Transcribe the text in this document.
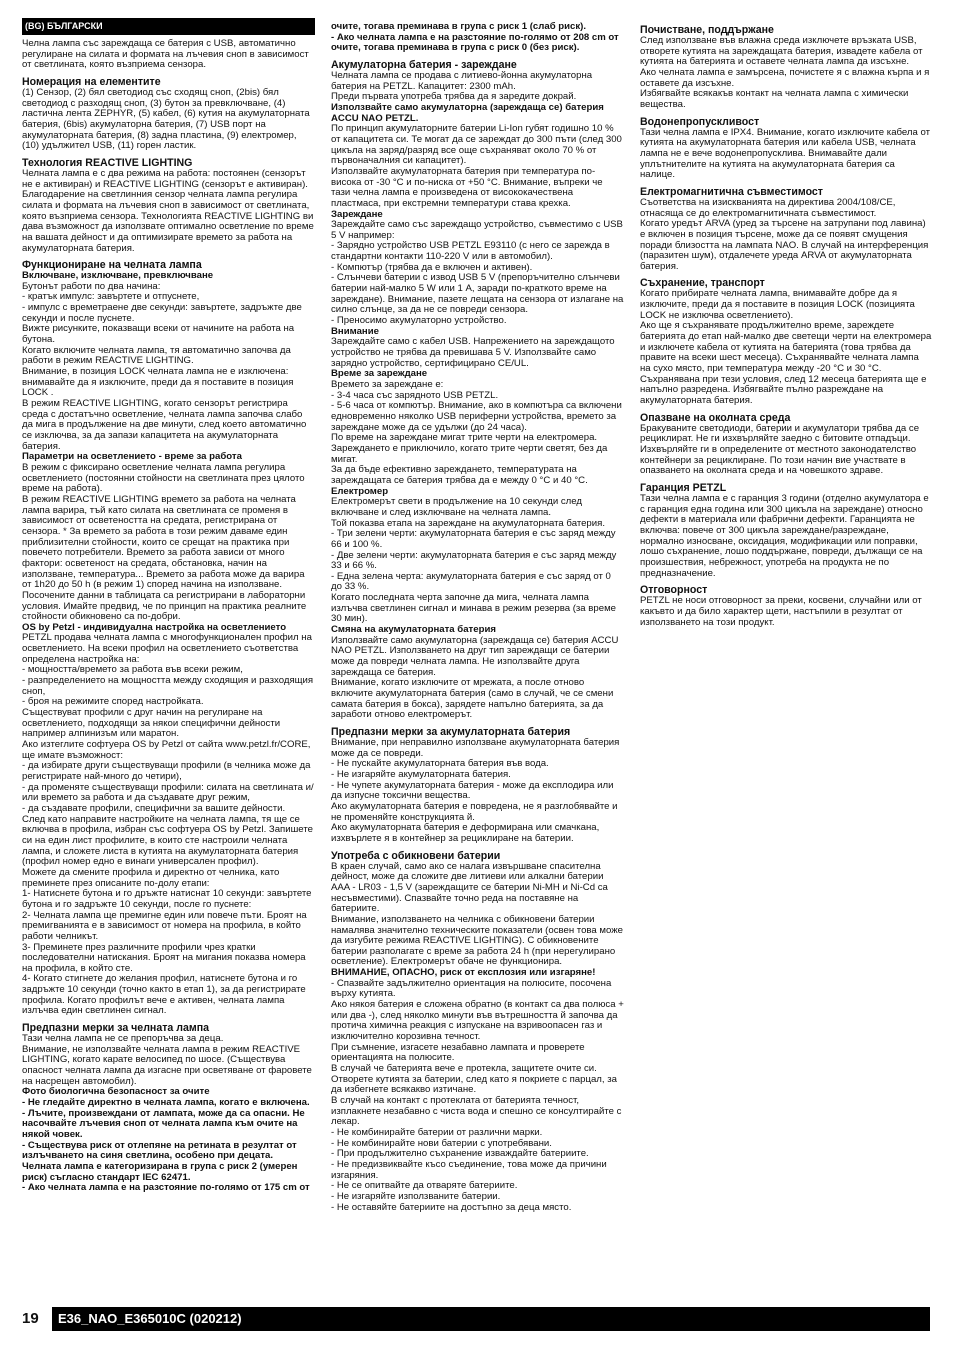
(BG) БЪЛГАРСКИ

Челна лампа със зареждаща се батерия с USB, автоматично регулиране на силата и формата на лъчевия сноп в зависимост от светлината, която възприема сензора.

Номерация на елементите

(1) Сензор, (2) бял светодиод със сходящ сноп, (2bis) бял светодиод с разходящ сноп, (3) бутон за превключване, (4) ластична лента ZEPHYR, (5) кабел, (6) кутия на акумулаторната батерия, (6bis) акумулаторна батерия, (7) USB порт на акумулаторната батерия, (8) задна пластина, (9) електромер, (10) удължител USB, (11) горен ластик.

Технология REACTIVE LIGHTING

Челната лампа е с два режима на работа: постоянен (сензорът не е активиран) и REACTIVE LIGHTING (сензорът е активиран). Благодарение на светлинния сензор челната лампа регулира силата и формата на лъчевия сноп в зависимост от светлината, която възприема сензора. Технологията REACTIVE LIGHTING ви дава възможност да използвате оптимално осветление по време на вашата дейност и да оптимизирате времето за работа на акумулаторната батерия.

Функциониране на челната лампа

Включване, изключване, превключване

Бутонът работи по два начина:

- кратък импулс: завъртете и отпуснете,

- импулс с времетраене две секунди: завъртете, задръжте две секунди и после пуснете.

Вижте рисунките, показващи всеки от начините на работа на бутона.

Когато включите челната лампа, тя автоматично започва да работи в режим REACTIVE LIGHTING.

Внимание, в позиция LOCK челната лампа не е изключена: внимавайте да я изключите, преди да я поставите в позиция LOCK .

В режим REACTIVE LIGHTING, когато сензорът регистрира среда с достатъчно осветление, челната лампа започва слабо да мига в продължение на две минути, след което автоматично се изключва, за да запази капацитета на акумулаторната батерия.

Параметри на осветлението - време за работа

В режим с фиксирано осветление челната лампа регулира осветлението (постоянни стойности на светлината през цялото време на работа).

В режим REACTIVE LIGHTING времето за работа на челната лампа варира, тъй като силата на светлината се променя в зависимост от осветеността на средата, регистрирана от сензора. * За времето за работа в този режим даваме един приблизителни стойности, които се срещат на практика при повечето потребители. Времето за работа зависи от много фактори: осветеност на средата, обстановка, начин на използване, температура... Времето за работа може да варира от 1h20 до 50 h (в режим 1) според начина на използване.

Посочените данни в таблицата са регистрирани в лабораторни условия. Имайте предвид, че по принцип на практика реалните стойности обикновено са по-добри.

OS by Petzl - индивидуална настройка на осветлението

PETZL продава челната лампа с многофункционален профил на осветлението. На всеки профил на осветлението съответства определена настройка на:

- мощността/времето за работа във всеки режим,

- разпределението на мощността между сходящия и разходящия сноп,

- броя на режимите според настройката.

Съществуват профили с друг начин на регулиране на осветлението, подходящи за някои специфични дейности например алпинизъм или маратон.

Ако изтеглите софтуера OS by Petzl от сайта www.petzl.fr/CORE, ще имате възможност:

- да избирате други съществуващи профили (в челника може да регистрирате най-много до четири),

- да променяте съществуващи профили: силата на светлината и/или времето за работа и да създавате друг режим,

- да създавате профили, специфични за вашите дейности.

След като направите настройките на челната лампа, тя ще се включва в профила, избран със софтуера OS by Petzl. Запишете си на един лист профилите, в които сте настроили челната лампа, и сложете листа в кутията на акумулаторната батерия (профил номер едно е винаги универсален профил).

Можете да смените профила и директно от челника, като преминете през описаните по-долу етапи:

1- Натиснете бутона и го дръжте натиснат 10 секунди: завъртете бутона и го задръжте 10 секунди, после го пуснете:

2- Челната лампа ще премигне един или повече пъти. Броят на премигванията е в зависимост от номера на профила, в който работи челникът.

3- Преминете през различните профили чрез кратки последователни натискания. Броят на мигания показва номера на профила, в който сте.

4- Когато стигнете до желания профил, натиснете бутона и го задръжте 10 секунди (точно както в етап 1), за да регистрирате профила. Когато профилът вече е активен, челната лампа излъчва един светлинен сигнал.

Предпазни мерки за челната лампа

Тази челна лампа не се препоръчва за деца.

Внимание, не използвайте челната лампа в режим REACTIVE LIGHTING, когато карате велосипед по шосе. (Съществува опасност челната лампа да изгасне при осветяване от фаровете на насрещен автомобил).

Фото биологична безопасност за очите

- Не гледайте директно в челната лампа, когато е включена.

- Лъчите, произвеждани от лампата, може да са опасни. Не насочвайте лъчевия сноп от челната лампа към очите на някой човек.

- Съществува риск от отлепяне на ретината в резултат от излъчването на синя светлина, особено при децата.

Челната лампа е категоризирана в група с риск 2 (умерен риск) съгласно стандарт IEC 62471.

- Ако челната лампа е на разстояние по-голямо от 175 cm от

очите, тогава преминава в група с риск 1 (слаб риск).

- Ако челната лампа е на разстояние по-голямо от 208 cm от очите, тогава преминава в група с риск 0 (без риск).

Акумулаторна батерия - зареждане

Челната лампа се продава с литиево-йонна акумулаторна батерия на PETZL. Капацитет: 2300 mAh.

Преди първата употреба трябва да я заредите докрай.

Използвайте само акумулаторна (зареждаща се) батерия ACCU NAO PETZL.

По принцип акумулаторните батерии Li-Ion губят годишно 10 % от капацитета си. Те могат да се зареждат до 300 пъти (след 300 цикъла на заряд/разряд все още съхраняват около 70 % от първоначалния си капацитет).

Използвайте акумулаторната батерия при температура по-висока от -30 °C и по-ниска от +50 °C. Внимание, въпреки че тази челна лампа е произведена от висококачествена пластмаса, при екстремни температури става крехка.

Зареждане

Зареждайте само със зареждащо устройство, съвместимо с USB 5 V например:

- Зарядно устройство USB PETZL E93110 (с него се зарежда в стандартни контакти 110-220 V или в автомобил).

- Компютър (трябва да е включен и активен).

- Слънчеви батерии с извод USB 5 V (препоръчително слънчеви батерии най-малко 5 W или 1 A, заради по-краткото време на зареждане). Внимание, пазете лещата на сензора от излагане на силно слънце, за да не се повреди сензора.

- Преносимо акумулаторно устройство.

Внимание

Зареждайте само с кабел USB. Напрежението на зареждащото устройство не трябва да превишава 5 V. Използвайте само зарядно устройство, сертифицирано CE/UL.

Време за зареждане

Времето за зареждане е:

- 3-4 часа със зарядното USB PETZL.

- 5-6 часа от компютър. Внимание, ако в компютъра са включени едновременно няколко USB периферни устройства, времето за зареждане може да се удължи (до 24 часа).

По време на зареждане мигат трите черти на електромера. Зареждането е приключило, когато трите черти светят, без да мигат.

За да бъде ефективно зареждането, температурата на зареждащата се батерия трябва да е между 0 °C и 40 °C.

Електромер

Електромерът свети в продължение на 10 секунди след включване и след изключване на челната лампа.

Той показва етапа на зареждане на акумулаторната батерия.

- Три зелени черти: акумулаторната батерия е със заряд между 66 и 100 %.

- Две зелени черти: акумулаторната батерия е със заряд между 33 и 66 %.

- Една зелена черта: акумулаторната батерия е със заряд от 0 до 33 %.

Когато последната черта започне да мига, челната лампа излъчва светлинен сигнал и минава в режим резерва (за време 30 мин).

Смяна на акумулаторната батерия

Използвайте само акумулаторна (зареждаща се) батерия ACCU NAO PETZL. Използването на друг тип зареждащи се батерии може да повреди челната лампа. Не използвайте друга зареждаща се батерия.

Внимание, когато изключите от мрежата, а после отново включите акумулаторната батерия (само в случай, че се смени самата батерия в бокса), зарядете напълно батерията, за да заработи отново електромерът.

Предпазни мерки за акумулаторната батерия

Внимание, при неправилно използване акумулаторната батерия може да се повреди.

- Не пускайте акумулаторната батерия във вода.

- Не изгаряйте акумулаторната батерия.

- Не чупете акумулаторната батерия - може да експлодира или да изпусне токсични вещества.

Ако акумулаторната батерия е повредена, не я разглобявайте и не променяйте конструкцията й.

Ако акумулаторната батерия е деформирана или смачкана, изхвърлете я в контейнер за рециклиране на батерии.

Употреба с обикновени батерии

В краен случай, само ако се налага извършване спасителна дейност, може да сложите две литиеви или алкални батерии AAA - LR03 - 1,5 V (зареждащите се батерии Ni-MH и Ni-Cd са несъвместими). Спазвайте точно реда на поставяне на батериите.

Внимание, използването на челника с обикновени батерии намалява значително техническите показатели (освен това може да изгубите режима REACTIVE LIGHTING). С обикновените батерии разполагате с време за работа 24 h (при нерегулирано осветление). Електромерът обаче не функционира.

ВНИМАНИЕ, ОПАСНО, риск от експлозия или изгаряне!

- Спазвайте задължително ориентация на полюсите, посочена върху кутията.

Ако някоя батерия е сложена обратно (в контакт са два полюса + или два -), след няколко минути във вътрешността й започва да протича химична реакция с изпускане на взривоопасен газ и изключително корозивна течност.

При съмнение, изгасете незабавно лампата и проверете ориентацията на полюсите.

В случай че батерията вече е протекла, защитете очите си. Отворете кутията за батерии, след като я покриете с парцал, за да избегнете всякакво изтичане.

В случай на контакт с протеклата от батерията течност, изплакнете незабавно с чиста вода и спешно се консултирайте с лекар.

- Не комбинирайте батерии от различни марки.

- Не комбинирайте нови батерии с употребявани.

- При продължително съхранение изваждайте батериите.

- Не предизвиквайте късо съединение, това може да причини изгаряния.

- Не се опитвайте да отваряте батериите.

- Не изгаряйте използваните батерии.

- Не оставяйте батериите на достъпно за деца място.

Почистване, поддържане

След използване във влажна среда изключете връзката USB, отворете кутията на зареждащата батерия, извадете кабела от кутията на батерията и оставете челната лампа да изсъхне.

Ако челната лампа е замърсена, почистете я с влажна кърпа и я оставете да изсъхне.

Избягвайте всякакъв контакт на челната лампа с химически вещества.

Водонепропускливост

Тази челна лампа е IPX4. Внимание, когато изключите кабела от кутията на акумулаторната батерия или кабела USB, челната лампа не е вече водонепропусклива. Внимавайте дали уплътнителите на кутията на акумулаторната батерия са налице.

Електромагнитична съвместимост

Съответства на изискванията на директива 2004/108/CE, отнасяща се до електромагнитичната съвместимост.

Когато уредът ARVA (уред за търсене на затрупани под лавина) е включен в позиция търсене, може да се появят смущения поради близостта на лампата NAO. В случай на интерференция (паразитен шум), отдалечете уреда ARVA от акумулаторната батерия.

Съхранение, транспорт

Когато прибирате челната лампа, внимавайте добре да я изключите, преди да я поставите в позиция LOCK (позицията LOCK не изключва осветлението).

Ако ще я съхранявате продължително време, зареждете батерията до етап най-малко две светещи черти на електромера и изключете кабела от кутията на батерията (това трябва да правите на всеки шест месеца). Съхранявайте челната лампа на сухо място, при температура между -20 °C и 30 °C. Съхранявана при тези условия, след 12 месеца батерията ще е напълно разредена. Избягвайте пълно разреждане на акумулаторната батерия.

Опазване на околната среда

Бракуваните светодиоди, батерии и акумулатори трябва да се рециклират. Не ги изхвърляйте заедно с битовите отпадъци. Изхвърляйте ги в определените от местното законодателство контейнери за рециклиране. По този начин вие участвате в опазването на околната среда и на човешкото здраве.

Гаранция PETZL

Тази челна лампа е с гаранция 3 години (отделно акумулатора е с гаранция една година или 300 цикъла на зареждане) относно дефекти в материала или фабрични дефекти. Гаранцията не включва: повече от 300 цикъла зареждане/разреждане, нормално износване, оксидация, модификации или поправки, лошо съхранение, лошо поддържане, повреди, дължащи се на произшествия, небрежност, употреба на продукта не по предназначение.

Отговорност

PETZL не носи отговорност за преки, косвени, случайни или от какъвто и да било характер щети, настъпили в резултат от използването на този продукт.

19	E36_NAO_E365010C (020212)
